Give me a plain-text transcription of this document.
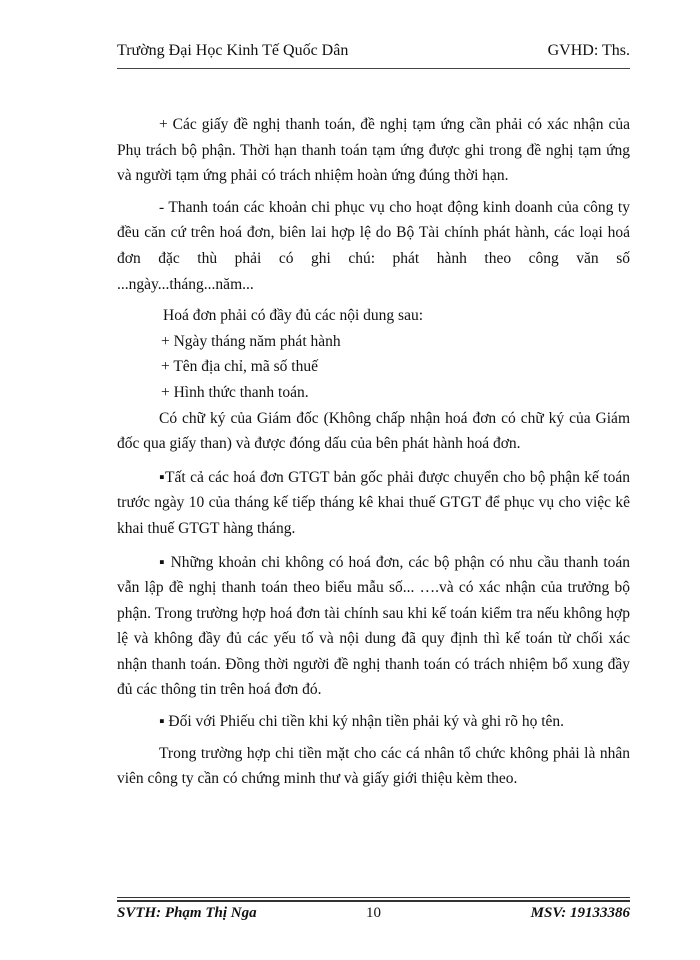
Trường Đại Học Kinh Tế Quốc Dân	GVHD: Ths.

+ Các giấy đề nghị thanh toán, đề nghị tạm ứng cần phải có xác nhận của Phụ trách bộ phận. Thời hạn thanh toán tạm ứng được ghi trong đề nghị tạm ứng và người tạm ứng phải có trách nhiệm hoàn ứng đúng thời hạn.

- Thanh toán các khoản chi phục vụ cho hoạt động kinh doanh của công ty đều căn cứ trên hoá đơn, biên lai hợp lệ do Bộ Tài chính phát hành, các loại hoá đơn đặc thù phải có ghi chú: phát hành theo công văn số

...ngày...tháng...năm...

Hoá đơn phải có đầy đủ các nội dung sau:

+ Ngày tháng năm phát hành

+ Tên địa chỉ, mã số thuế

+ Hình thức thanh toán.

Có chữ ký của Giám đốc (Không chấp nhận hoá đơn có chữ ký của Giám đốc qua giấy than) và được đóng dấu của bên phát hành hoá đơn.

▪Tất cả các hoá đơn GTGT bản gốc phải được chuyển cho bộ phận kế toán trước ngày 10 của tháng kế tiếp tháng kê khai thuế GTGT để phục vụ cho việc kê khai thuế GTGT hàng tháng.

▪ Những khoản chi không có hoá đơn, các bộ phận có nhu cầu thanh toán vẫn lập đề nghị thanh toán theo biểu mẫu số... ….và có xác nhận của trưởng bộ phận. Trong trường hợp hoá đơn tài chính sau khi kế toán kiểm tra nếu không hợp lệ và không đầy đủ các yếu tố và nội dung đã quy định thì kế toán từ chối xác nhận thanh toán. Đồng thời người đề nghị thanh toán có trách nhiệm bổ xung đầy đủ các thông tin trên hoá đơn đó.

▪ Đối với Phiếu chi tiền khi ký nhận tiền phải ký và ghi rõ họ tên.

Trong trường hợp chi tiền mặt cho các cá nhân tổ chức không phải là nhân viên công ty cần có chứng minh thư và giấy giới thiệu kèm theo.

SVTH: Phạm Thị Nga	10	MSV: 19133386
